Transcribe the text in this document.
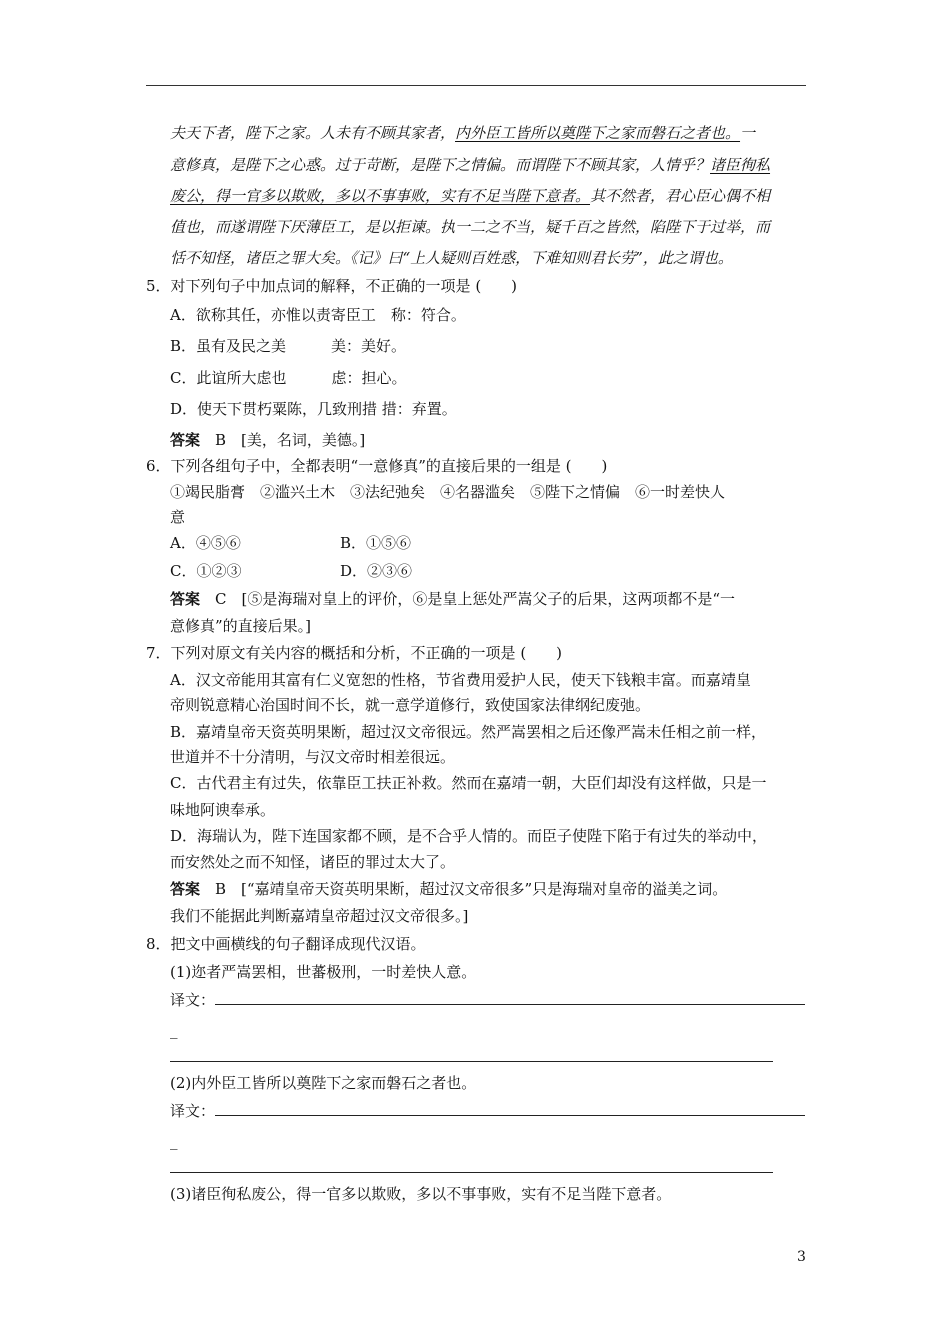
夫天下者，陛下之家。人未有不顾其家者，内外臣工皆所以奠陛下之家而磐石之者也。一
意修真，是陛下之心惑。过于苛断，是陛下之情偏。而谓陛下不顾其家，人情乎？诸臣徇私
废公，得一官多以欺败，多以不事事败，实有不足当陛下意者。其不然者，君心臣心偶不相
值也，而遂谓陛下厌薄臣工，是以拒谏。执一二之不当，疑千百之皆然，陷陛下于过举，而
恬不知怪，诸臣之罪大矣。《记》曰“上人疑则百姓惑，下难知则君长劳”，此之谓也。
5．对下列句子中加点词的解释，不正确的一项是 (　　)
A．欲称其任，亦惟以责寄臣工　称：符合。
B．虽有及民之美　　　美：美好。
C．此谊所大虑也　　　虑：担心。
D．使天下贯朽粟陈，几致刑措 措：弃置。
答案　B　[美，名词，美德。]
6．下列各组句子中，全都表明“一意修真”的直接后果的一组是 (　　)
①竭民脂膏　②滥兴土木　③法纪弛矣　④名器滥矣　⑤陛下之情偏　⑥一时差快人
意
A．④⑤⑥	B．①⑤⑥
C．①②③	D．②③⑥
答案　C　[⑤是海瑞对皇上的评价，⑥是皇上惩处严嵩父子的后果，这两项都不是“一
意修真”的直接后果。]
7．下列对原文有关内容的概括和分析，不正确的一项是 (　　)
A．汉文帝能用其富有仁义宽恕的性格，节省费用爱护人民，使天下钱粮丰富。而嘉靖皇
帝则锐意精心治国时间不长，就一意学道修行，致使国家法律纲纪废弛。
B．嘉靖皇帝天资英明果断，超过汉文帝很远。然严嵩罢相之后还像严嵩未任相之前一样，
世道并不十分清明，与汉文帝时相差很远。
C．古代君主有过失，依靠臣工扶正补救。然而在嘉靖一朝，大臣们却没有这样做，只是一
味地阿谀奉承。
D．海瑞认为，陛下连国家都不顾，是不合乎人情的。而臣子使陛下陷于有过失的举动中，
而安然处之而不知怪，诸臣的罪过太大了。
答案　B　[“嘉靖皇帝天资英明果断，超过汉文帝很多”只是海瑞对皇帝的溢美之词。
我们不能据此判断嘉靖皇帝超过汉文帝很多。]
8．把文中画横线的句子翻译成现代汉语。
(1)迩者严嵩罢相，世蕃极刑，一时差快人意。
译文：
_
(2)内外臣工皆所以奠陛下之家而磐石之者也。
译文：
_
(3)诸臣徇私废公，得一官多以欺败，多以不事事败，实有不足当陛下意者。
3
